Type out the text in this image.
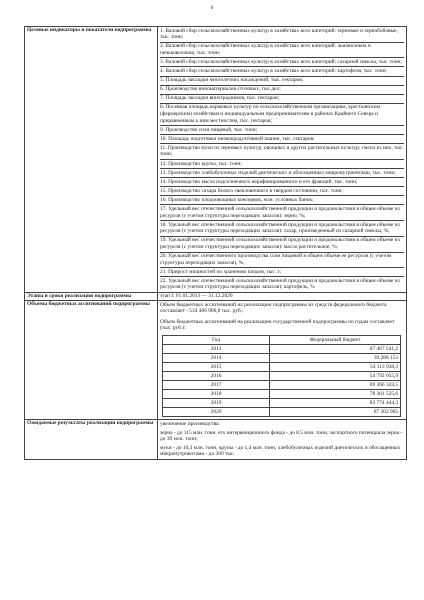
6
Целевые индикаторы и показатели подпрограммы	1. Валовой сбор сельскохозяйственных культур в хозяйствах всех категорий: зерновые и зернобобовые, тыс. тонн;
2. Валовой сбор сельскохозяйственных культур в хозяйствах всех категорий: льноволокна и пеньковолокна, тыс. тонн;
3. Валовой сбор сельскохозяйственных культур в хозяйствах всех категорий: сахарной свеклы, тыс. тонн;
4. Валовой сбор сельскохозяйственных культур в хозяйствах всех категорий: картофеля, тыс. тонн;
5. Площадь закладки многолетних насаждений, тыс. гектаров;
6. Производство виноматериалов столовых, тыс.дкл;
7. Площадь закладки виноградников, тыс. гектаров;
8. Посевная площадь кормовых культур по сельскохозяйственным организациям, крестьянским (фермерским) хозяйствам и индивидуальным предпринимателям в районах Крайнего Севера и приравненным к ним местностям, тыс. гектаров;
9. Производство соли пищевой, тыс. тонн;
10. Площадь подготовки низкопродуктивной пашни, тыс. гектаров;
11. Производство муки из зерновых культур, овощных и других растительных культур; смеси из них, тыс. тонн;
12. Производство крупы, тыс. тонн;
13. Производство хлебобулочных изделий диетических и обогащенных микронутриентами, тыс. тонн;
14. Производство масла подсолнечного нерафинированного и его фракций, тыс. тонн;
15. Производство сахара белого свекловичного в твердом состоянии, тыс. тонн;
16. Производство плодоовощных консервов, млн. условных банок;
17. Удельный вес отечественной сельскохозяйственной продукции и продовольствия в общем объеме их ресурсов (с учетом структуры переходящих запасов): зерно, %;
18. Удельный вес отечественной сельскохозяйственной продукции и продовольствия в общем объеме их ресурсов (с учетом структуры переходящих запасов): сахар, произведенный из сахарной свеклы, %;
19. Удельный вес отечественной сельскохозяйственной продукции и продовольствия в общем объеме их ресурсов (с учетом структуры переходящих запасов): масло растительное, %;
20. Удельный вес отечественного производства соли пищевой в общем объеме ее ресурсов (с учетом структуры переходящих запасов), %;
21. Прирост мощностей по хранению плодов, тыс .т;
22. Удельный вес отечественной сельскохозяйственной продукции и продовольствия в общем объеме их ресурсов (с учетом структуры переходящих запасов): картофель, %

Этапы и сроки реализации подпрограммы	этап I: 01.01.2013 — 31.12.2020
Объемы бюджетных ассигнований подпрограммы	Объем бюджетных ассигнований на реализацию подпрограммы из средств федерального бюджета составляет - 534 406 906,8 тыс. руб.;
Объем бюджетных ассигнований на реализацию государственной подпрограммы по годам составляет (тыс. руб.):
Год	Федеральный бюджет
2013	67 467 541,2
2014	39 288 153
2015	54 113 938,3
2016	54 792 055,9
2017	69 366 343,5
2018	78 301 525,6
2019	83 774 444,3
2020	87 302 905

Ожидаемые результаты реализации подпрограммы	увеличение производства:
зерна - до 115 млн. тонн, его интервенционного фонда - до 8,5 млн. тонн, экспортного потенциала зерна - до 30 млн. тонн;
муки - до 10,3 млн. тонн, крупы - до 1,4 млн. тонн, хлебобулочных изделий диетических и обогащенных микронутриентами - до 300 тыс.
